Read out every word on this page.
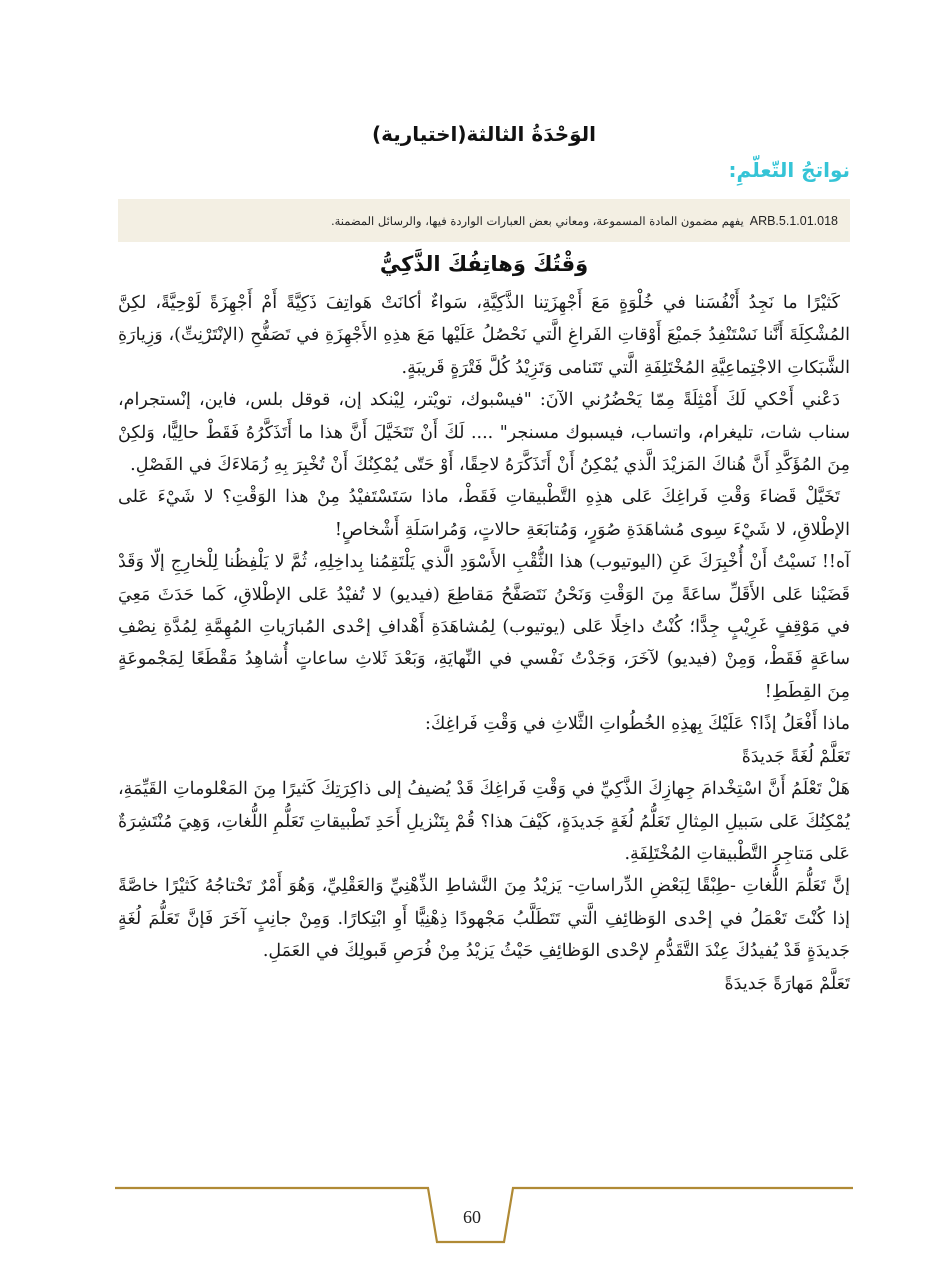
الوَحْدَةُ الثالثة(اختيارية)
نواتجُ التّعلّمِ:
ARB.5.1.01.018
يفهم مضمون المادة المسموعة، ومعاني بعض العبارات الواردة فيها، والرسائل المضمنة.
وَقْتُكَ وَهاتِفُكَ الذَّكِيُّ

كَثيْرًا ما نَجِدُ أَنْفُسَنا في خُلْوَةٍ مَعَ أَجْهِزَتِنا الذَّكِيَّةِ، سَواءٌ أكانَتْ هَواتِفَ ذَكِيَّةً أَمْ أَجْهِزَةً لَوْحِيَّةً، لكِنَّ المُشْكِلَةَ أَنَّنا نَسْتَنْفِدُ جَميْعَ أَوْقاتِ الفَراغِ الَّتي نَحْصُلُ عَلَيْها مَعَ هذِهِ الأَجْهِزَةِ في تَصَفُّحِ (الإنْتَرْنِتِّ)، وَزِيارَةِ الشَّبَكاتِ الاجْتِماعِيَّةِ المُخْتَلِفَةِ الَّتي تَتَنامى وَتَزِيْدُ كُلَّ فَتْرَةٍ قَريبَةٍ.

دَعْني أَحْكي لَكَ أَمْثِلَةً مِمّا يَحْضُرُني الآنَ: "فيسْبوك، تويْتر، لِيْنكد إن، قوقل بلس، فاين، إنْستجرام، سناب شات، تليغرام، واتساب، فيسبوك مسنجر" .... لَكَ أَنْ تَتَخَيَّلَ أَنَّ هذا ما أَتَذَكَّرُهُ فَقَطْ حالِيًّا، وَلكِنْ مِنَ المُؤَكَّدِ أَنَّ هُناكَ المَزيْدَ الَّذي يُمْكِنُ أَنْ أَتَذَكَّرَهُ لاحِقًا، أَوْ حَتّى يُمْكِنُكَ أَنْ تُخْبِرَ بِهِ زُمَلاءَكَ في الفَصْلِ.

تَخَيَّلْ قَضاءَ وَقْتِ فَراغِكَ عَلى هذِهِ التَّطْبيقاتِ فَقَطْ، ماذا سَتَسْتَفيْدُ مِنْ هذا الوَقْتِ؟ لا شَيْءَ عَلى الإطْلاقِ، لا شَيْءَ سِوى مُشاهَدَةِ صُوَرٍ، وَمُتابَعَةِ حالاتٍ، وَمُراسَلَةِ أَشْخاصٍ!

آه!! نَسيْتُ أَنْ أُخْبِرَكَ عَنِ (اليوتيوب) هذا الثُّقْبِ الأَسْوَدِ الَّذي يَلْتَقِمُنا بِداخِلِهِ، ثُمَّ لا يَلْفِظُنا لِلْخارِجِ إلّا وَقَدْ قَضَيْنا عَلى الأَقَلِّ ساعَةً مِنَ الوَقْتِ وَنَحْنُ نَتَصَفَّحُ مَقاطِعَ (فيديو) لا تُفيْدُ عَلى الإطْلاقِ، كَما حَدَثَ مَعِيَ في مَوْقِفٍ غَرِيْبٍ جِدًّا؛ كُنْتُ داخِلًا عَلى (يوتيوب) لِمُشاهَدَةِ أَهْدافِ إحْدى المُبارَياتِ المُهِمَّةِ لِمُدَّةِ نِصْفِ ساعَةٍ فَقَطْ، وَمِنْ (فيديو) لآخَرَ، وَجَدْتُ نَفْسي في النِّهايَةِ، وَبَعْدَ ثَلاثِ ساعاتٍ أُشاهِدُ مَقْطَعًا لِمَجْموعَةٍ مِنَ القِطَطِ!

ماذا أَفْعَلُ إذًا؟ عَلَيْكَ بِهذِهِ الخُطُواتِ الثَّلاثِ في وَقْتِ فَراغِكَ:

تَعَلَّمْ لُغَةً جَديدَةً

هَلْ تَعْلَمُ أَنَّ اسْتِخْدامَ جِهازِكَ الذَّكِيِّ في وَقْتِ فَراغِكَ قَدْ يُضيفُ إلى ذاكِرَتِكَ كَثيرًا مِنَ المَعْلوماتِ القَيِّمَةِ، يُمْكِنُكَ عَلى سَبيلِ المِثالِ تَعَلُّمُ لُغَةٍ جَديدَةٍ، كَيْفَ هذا؟ قُمْ بِتَنْزيلِ أَحَدِ تَطْبيقاتِ تَعَلُّمِ اللُّغاتِ، وَهِيَ مُنْتَشِرَةٌ عَلى مَتاجِرِ التَّطْبيقاتِ المُخْتَلِفَةِ.

إنَّ تَعَلُّمَ اللُّغاتِ -طِبْقًا لِبَعْضِ الدِّراساتِ- يَزيْدُ مِنَ النَّشاطِ الذِّهْنِيِّ وَالعَقْلِيِّ، وَهُوَ أَمْرٌ تَحْتاجُهُ كَثيْرًا خاصَّةً إذا كُنْتَ تَعْمَلُ في إحْدى الوَظائِفِ الَّتي تَتَطَلَّبُ مَجْهودًا ذِهْنِيًّا أَوِ ابْتِكارًا. وَمِنْ جانِبٍ آخَرَ فَإنَّ تَعَلُّمَ لُغَةٍ جَديدَةٍ قَدْ يُفيدُكَ عِنْدَ التَّقَدُّمِ لإحْدى الوَظائِفِ حَيْثُ يَزيْدُ مِنْ فُرَصِ قَبولِكَ في العَمَلِ.

تَعَلَّمْ مَهارَةً جَديدَةً

60
